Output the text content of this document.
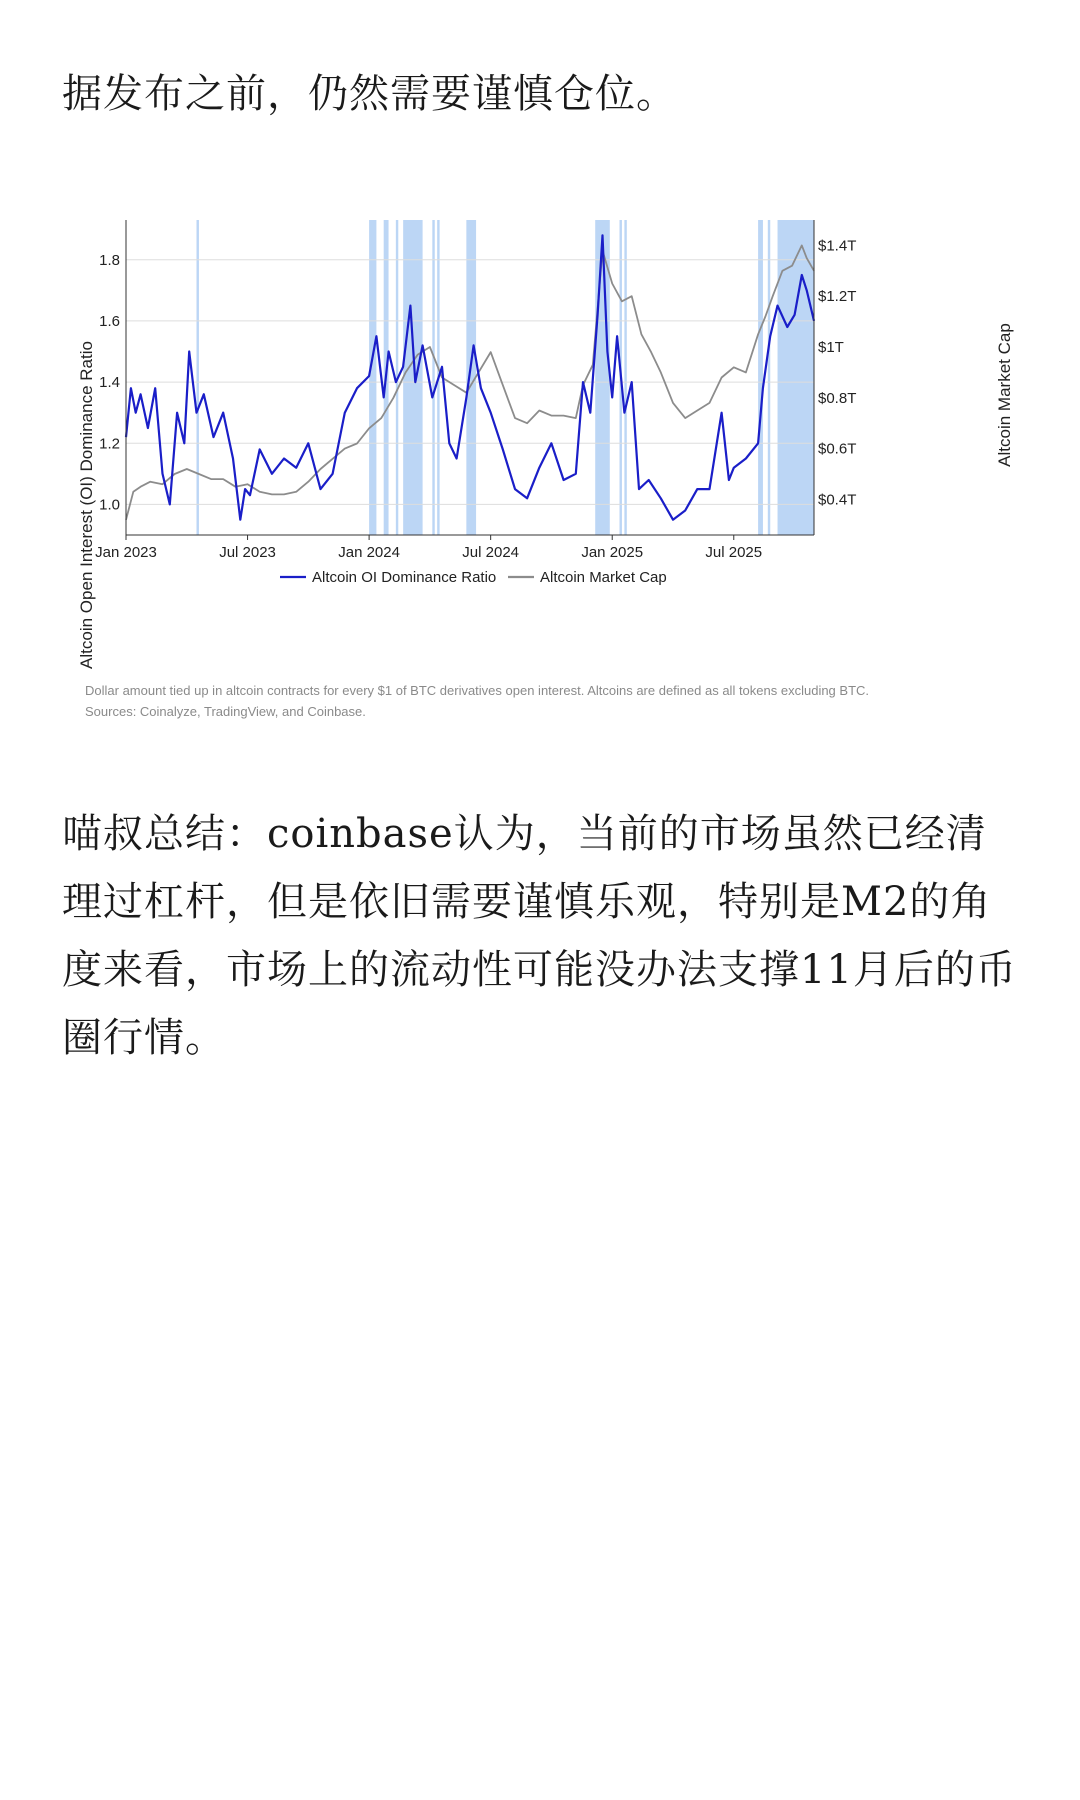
据发布之前，仍然需要谨慎仓位。

1.0
1.2
1.4
1.6
1.8
$0.4T
$0.6T
$0.8T
$1T
$1.2T
$1.4T
Jan 2023	Jul 2023	Jan 2024	Jul 2024	Jan 2025	Jul 2025
Altcoin Open Interest (OI) Dominance Ratio	Altcoin Market Cap
Altcoin OI Dominance Ratio	Altcoin Market Cap

Dollar amount tied up in altcoin contracts for every $1 of BTC derivatives open interest. Altcoins are defined as all tokens excluding BTC.

Sources: Coinalyze, TradingView, and Coinbase.

喵叔总结：coinbase认为，当前的市场虽然已经清理过杠杆，但是依旧需要谨慎乐观，特别是M2的角度来看，市场上的流动性可能没办法支撑11月后的币圈行情。
